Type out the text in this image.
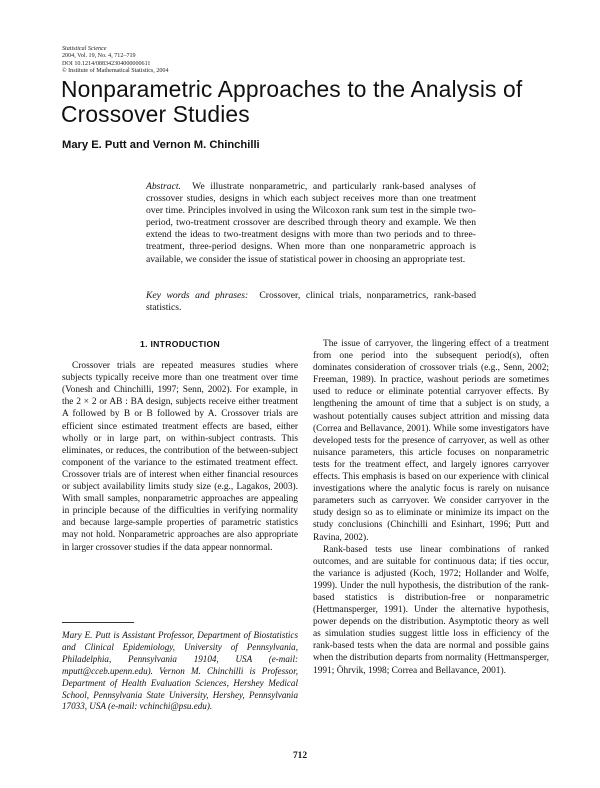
Statistical Science
2004, Vol. 19, No. 4, 712–719
DOI 10.1214/088342304000000611
© Institute of Mathematical Statistics, 2004
Nonparametric Approaches to the Analysis of Crossover Studies
Mary E. Putt and Vernon M. Chinchilli
Abstract. We illustrate nonparametric, and particularly rank-based analyses of crossover studies, designs in which each subject receives more than one treatment over time. Principles involved in using the Wilcoxon rank sum test in the simple two-period, two-treatment crossover are described through theory and example. We then extend the ideas to two-treatment designs with more than two periods and to three-treatment, three-period designs. When more than one nonparametric approach is available, we consider the issue of statistical power in choosing an appropriate test.
Key words and phrases: Crossover, clinical trials, nonparametrics, rank-based statistics.
1. INTRODUCTION

Crossover trials are repeated measures studies where subjects typically receive more than one treatment over time (Vonesh and Chinchilli, 1997; Senn, 2002). For example, in the 2 × 2 or AB : BA design, subjects receive either treatment A followed by B or B followed by A. Crossover trials are efficient since estimated treatment effects are based, either wholly or in large part, on within-subject contrasts. This eliminates, or reduces, the contribution of the between-subject component of the variance to the estimated treatment effect. Crossover trials are of interest when either financial resources or subject availability limits study size (e.g., Lagakos, 2003). With small samples, nonparametric approaches are appealing in principle because of the difficulties in verifying normality and because large-sample properties of parametric statistics may not hold. Nonparametric approaches are also appropriate in larger crossover studies if the data appear nonnormal.

The issue of carryover, the lingering effect of a treatment from one period into the subsequent period(s), often dominates consideration of crossover trials (e.g., Senn, 2002; Freeman, 1989). In practice, washout periods are sometimes used to reduce or eliminate potential carryover effects. By lengthening the amount of time that a subject is on study, a washout potentially causes subject attrition and missing data (Correa and Bellavance, 2001). While some investigators have developed tests for the presence of carryover, as well as other nuisance parameters, this article focuses on nonparametric tests for the treatment effect, and largely ignores carryover effects. This emphasis is based on our experience with clinical investigations where the analytic focus is rarely on nuisance parameters such as carryover. We consider carryover in the study design so as to eliminate or minimize its impact on the study conclusions (Chinchilli and Esinhart, 1996; Putt and Ravina, 2002).

Rank-based tests use linear combinations of ranked outcomes, and are suitable for continuous data; if ties occur, the variance is adjusted (Koch, 1972; Hollander and Wolfe, 1999). Under the null hypothesis, the distribution of the rank-based statistics is distribution-free or nonparametric (Hettmansperger, 1991). Under the alternative hypothesis, power depends on the distribution. Asymptotic theory as well as simulation studies suggest little loss in efficiency of the rank-based tests when the data are normal and possible gains when the distribution departs from normality (Hettmansperger, 1991; Öhrvik, 1998; Correa and Bellavance, 2001).

Mary E. Putt is Assistant Professor, Department of Biostatistics and Clinical Epidemiology, University of Pennsylvania, Philadelphia, Pennsylvania 19104, USA (e-mail: mputt@cceb.upenn.edu). Vernon M. Chinchilli is Professor, Department of Health Evaluation Sciences, Hershey Medical School, Pennsylvania State University, Hershey, Pennsylvania 17033, USA (e-mail: vchinchi@psu.edu).
712
